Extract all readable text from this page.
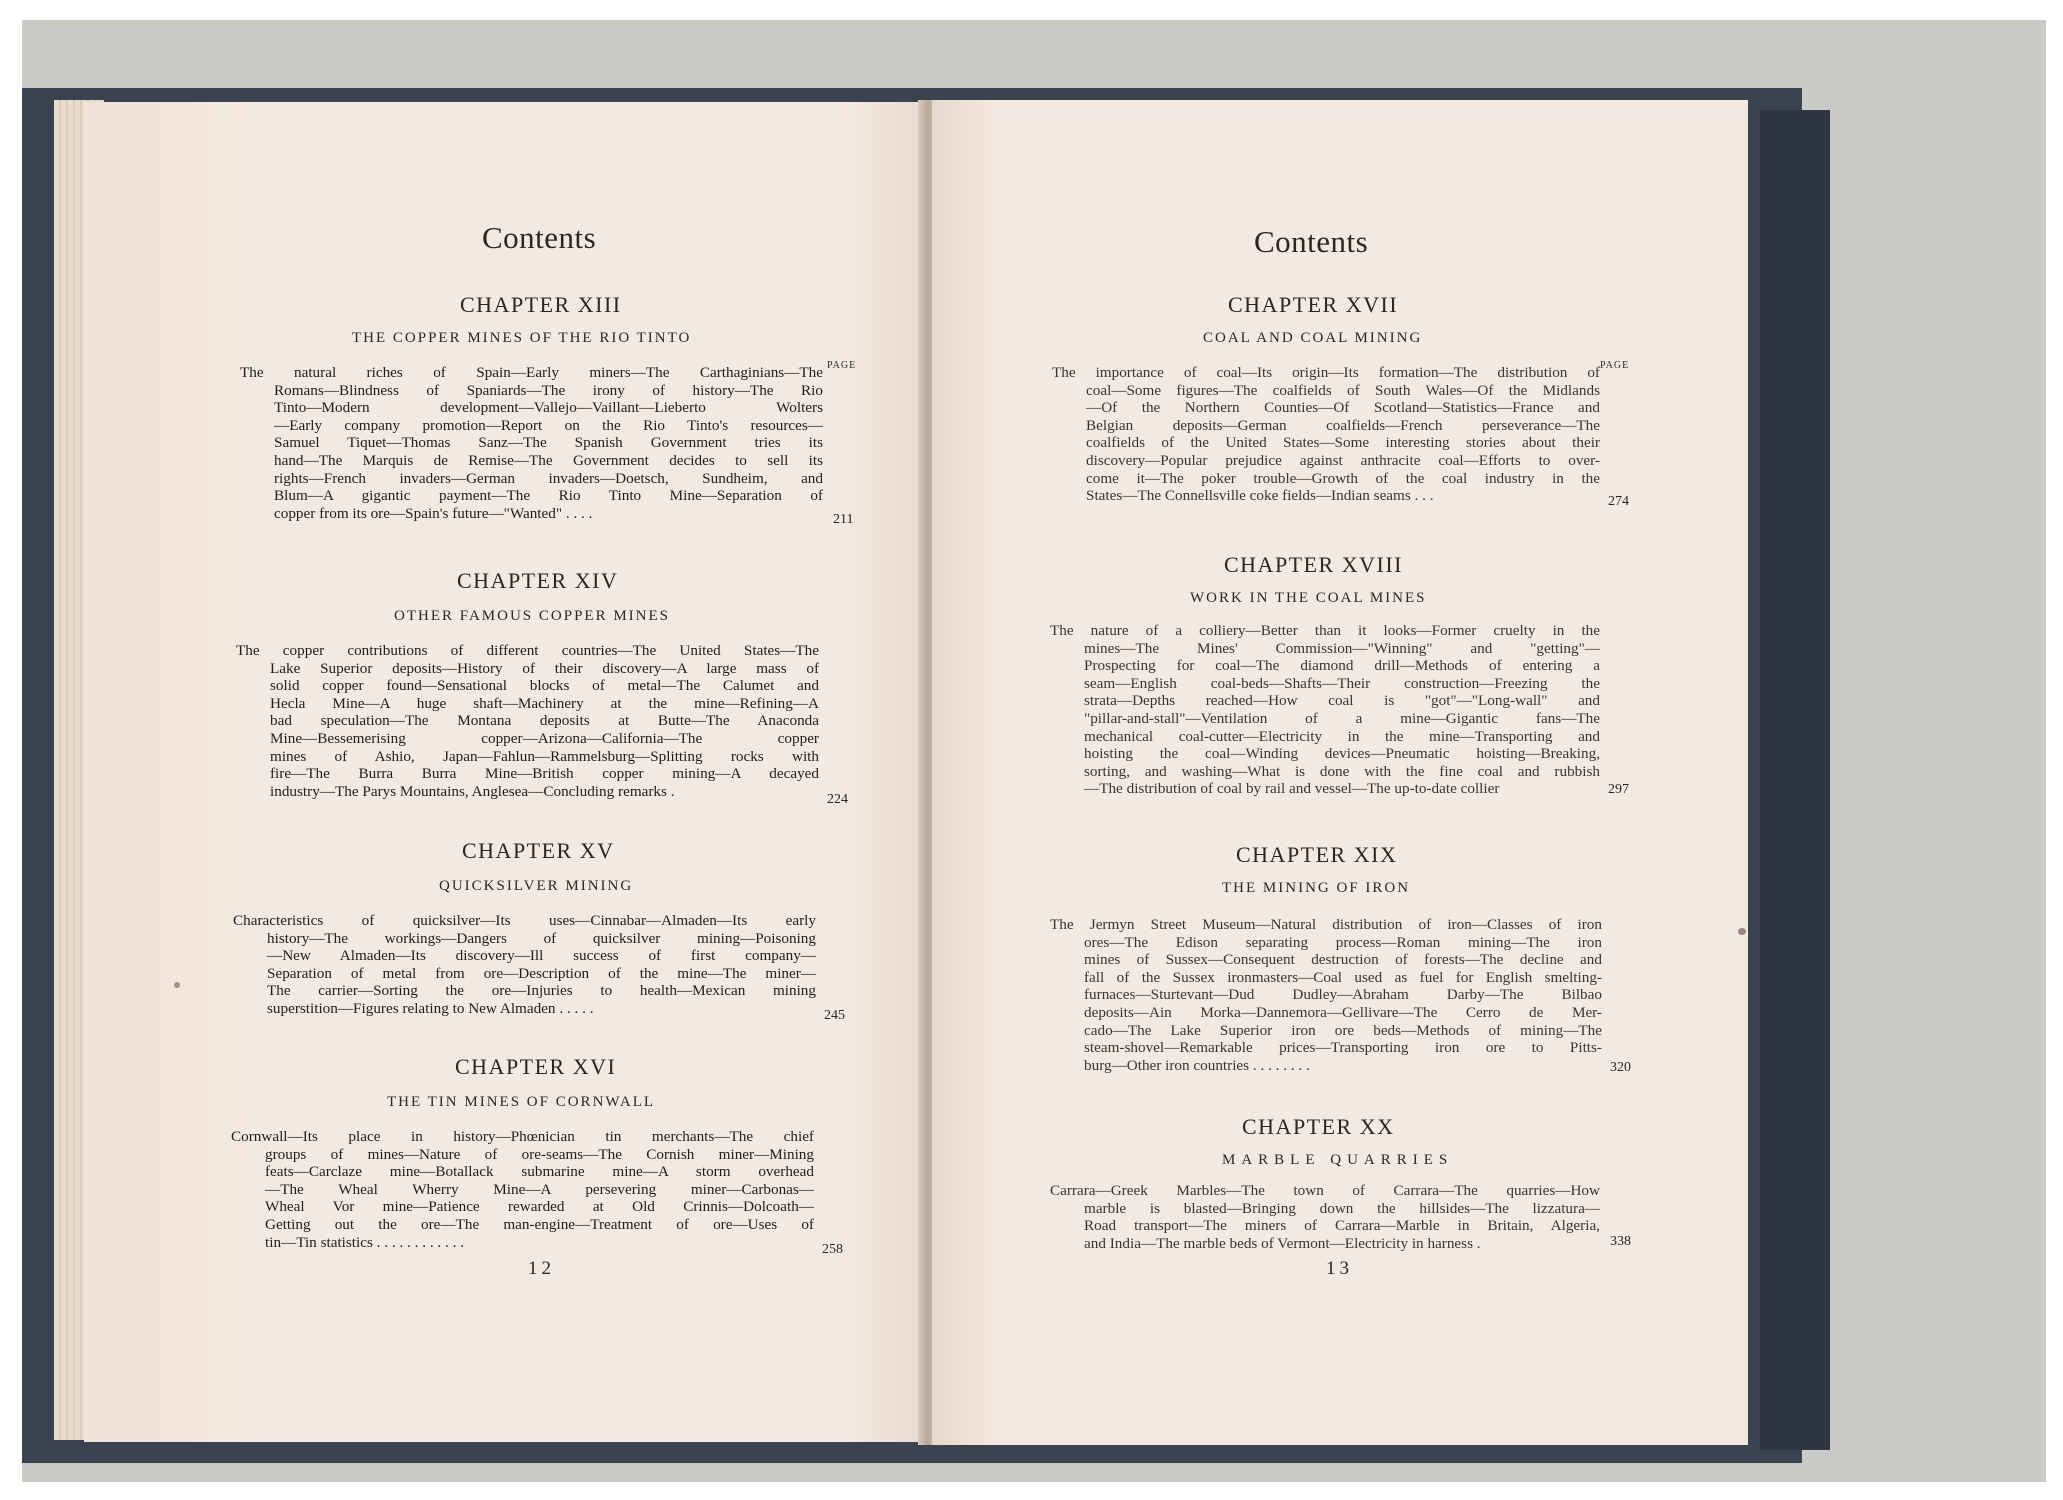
Contents
CHAPTER XIII
THE COPPER MINES OF THE RIO TINTO
PAGE
The natural riches of Spain—Early miners—The Carthaginians—The
Romans—Blindness of Spaniards—The irony of history—The Rio
Tinto—Modern development—Vallejo—Vaillant—Lieberto Wolters
—Early company promotion—Report on the Rio Tinto's resources—
Samuel Tiquet—Thomas Sanz—The Spanish Government tries its
hand—The Marquis de Remise—The Government decides to sell its
rights—French invaders—German invaders—Doetsch, Sundheim, and
Blum—A gigantic payment—The Rio Tinto Mine—Separation of
copper from its ore—Spain's future—"Wanted" . . . .	211
CHAPTER XIV
OTHER FAMOUS COPPER MINES
The copper contributions of different countries—The United States—The
Lake Superior deposits—History of their discovery—A large mass of
solid copper found—Sensational blocks of metal—The Calumet and
Hecla Mine—A huge shaft—Machinery at the mine—Refining—A
bad speculation—The Montana deposits at Butte—The Anaconda
Mine—Bessemerising copper—Arizona—California—The copper
mines of Ashio, Japan—Fahlun—Rammelsburg—Splitting rocks with
fire—The Burra Burra Mine—British copper mining—A decayed
industry—The Parys Mountains, Anglesea—Concluding remarks .	224
CHAPTER XV
QUICKSILVER MINING
Characteristics of quicksilver—Its uses—Cinnabar—Almaden—Its early
history—The workings—Dangers of quicksilver mining—Poisoning
—New Almaden—Its discovery—Ill success of first company—
Separation of metal from ore—Description of the mine—The miner—
The carrier—Sorting the ore—Injuries to health—Mexican mining
superstition—Figures relating to New Almaden . . . . .	245
CHAPTER XVI
THE TIN MINES OF CORNWALL
Cornwall—Its place in history—Phœnician tin merchants—The chief
groups of mines—Nature of ore-seams—The Cornish miner—Mining
feats—Carclaze mine—Botallack submarine mine—A storm overhead
—The Wheal Wherry Mine—A persevering miner—Carbonas—
Wheal Vor mine—Patience rewarded at Old Crinnis—Dolcoath—
Getting out the ore—The man-engine—Treatment of ore—Uses of
tin—Tin statistics . . . . . . . . . . . .	258
12
Contents
CHAPTER XVII
COAL AND COAL MINING
PAGE
The importance of coal—Its origin—Its formation—The distribution of
coal—Some figures—The coalfields of South Wales—Of the Midlands
—Of the Northern Counties—Of Scotland—Statistics—France and
Belgian deposits—German coalfields—French perseverance—The
coalfields of the United States—Some interesting stories about their
discovery—Popular prejudice against anthracite coal—Efforts to over-
come it—The poker trouble—Growth of the coal industry in the
States—The Connellsville coke fields—Indian seams . . .	274
CHAPTER XVIII
WORK IN THE COAL MINES
The nature of a colliery—Better than it looks—Former cruelty in the
mines—The Mines' Commission—"Winning" and "getting"—
Prospecting for coal—The diamond drill—Methods of entering a
seam—English coal-beds—Shafts—Their construction—Freezing the
strata—Depths reached—How coal is "got"—"Long-wall" and
"pillar-and-stall"—Ventilation of a mine—Gigantic fans—The
mechanical coal-cutter—Electricity in the mine—Transporting and
hoisting the coal—Winding devices—Pneumatic hoisting—Breaking,
sorting, and washing—What is done with the fine coal and rubbish
—The distribution of coal by rail and vessel—The up-to-date collier	297
CHAPTER XIX
THE MINING OF IRON
The Jermyn Street Museum—Natural distribution of iron—Classes of iron
ores—The Edison separating process—Roman mining—The iron
mines of Sussex—Consequent destruction of forests—The decline and
fall of the Sussex ironmasters—Coal used as fuel for English smelting-
furnaces—Sturtevant—Dud Dudley—Abraham Darby—The Bilbao
deposits—Ain Morka—Dannemora—Gellivare—The Cerro de Mer-
cado—The Lake Superior iron ore beds—Methods of mining—The
steam-shovel—Remarkable prices—Transporting iron ore to Pitts-
burg—Other iron countries . . . . . . . .	320
CHAPTER XX
MARBLE QUARRIES
Carrara—Greek Marbles—The town of Carrara—The quarries—How
marble is blasted—Bringing down the hillsides—The lizzatura—
Road transport—The miners of Carrara—Marble in Britain, Algeria,
and India—The marble beds of Vermont—Electricity in harness .	338
13
